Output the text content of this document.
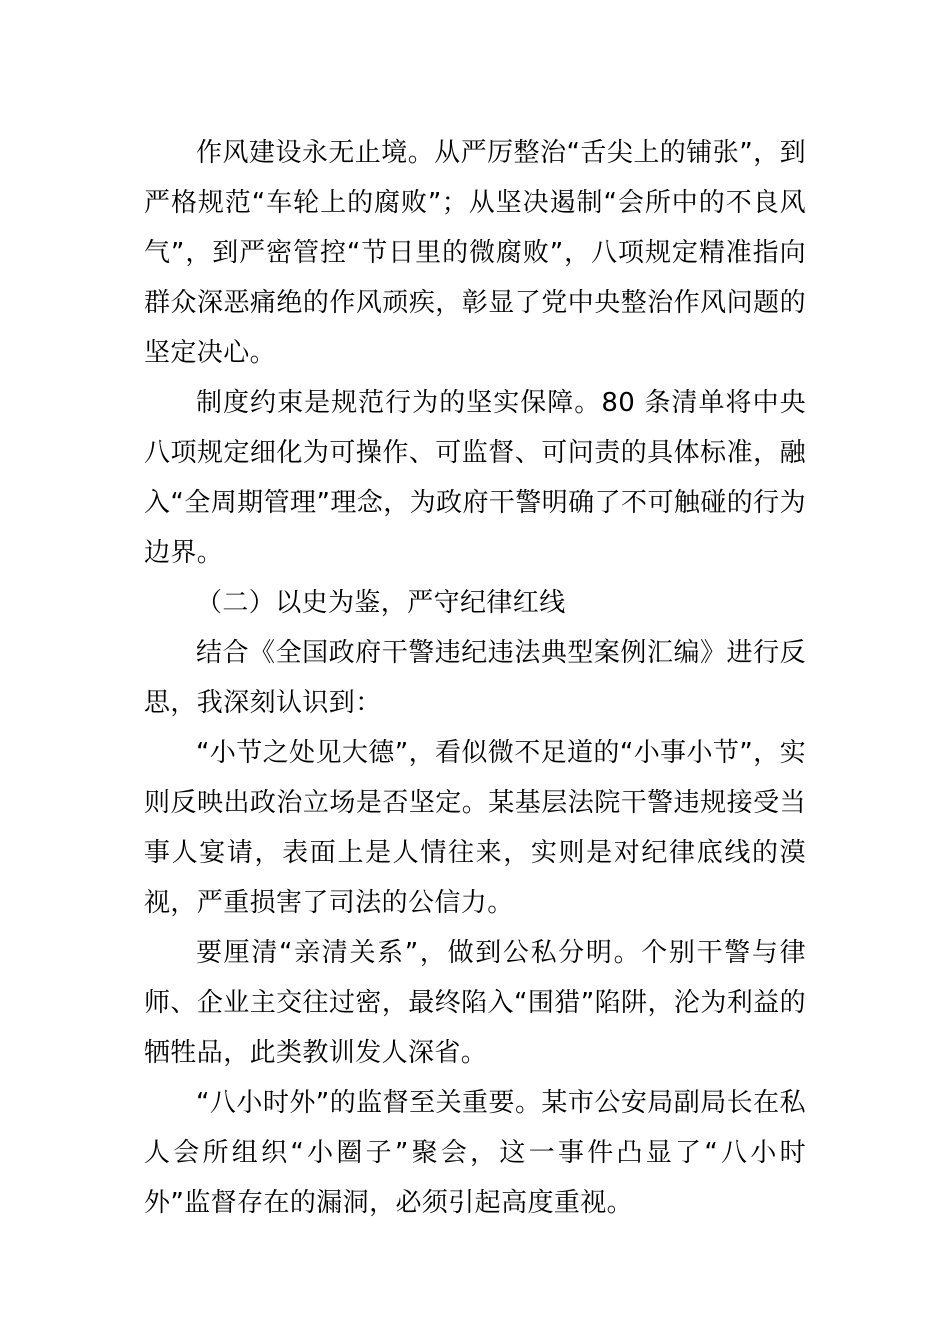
作风建设永无止境。从严厉整治“舌尖上的铺张”，到严格规范“车轮上的腐败”；从坚决遏制“会所中的不良风气”，到严密管控“节日里的微腐败”，八项规定精准指向群众深恶痛绝的作风顽疾，彰显了党中央整治作风问题的坚定决心。

制度约束是规范行为的坚实保障。80 条清单将中央八项规定细化为可操作、可监督、可问责的具体标准，融入“全周期管理”理念，为政府干警明确了不可触碰的行为边界。

（二）以史为鉴，严守纪律红线

结合《全国政府干警违纪违法典型案例汇编》进行反思，我深刻认识到：

“小节之处见大德”，看似微不足道的“小事小节”，实则反映出政治立场是否坚定。某基层法院干警违规接受当事人宴请，表面上是人情往来，实则是对纪律底线的漠视，严重损害了司法的公信力。

要厘清“亲清关系”，做到公私分明。个别干警与律师、企业主交往过密，最终陷入“围猎”陷阱，沦为利益的牺牲品，此类教训发人深省。

“八小时外”的监督至关重要。某市公安局副局长在私人会所组织“小圈子”聚会，这一事件凸显了“八小时外”监督存在的漏洞，必须引起高度重视。
